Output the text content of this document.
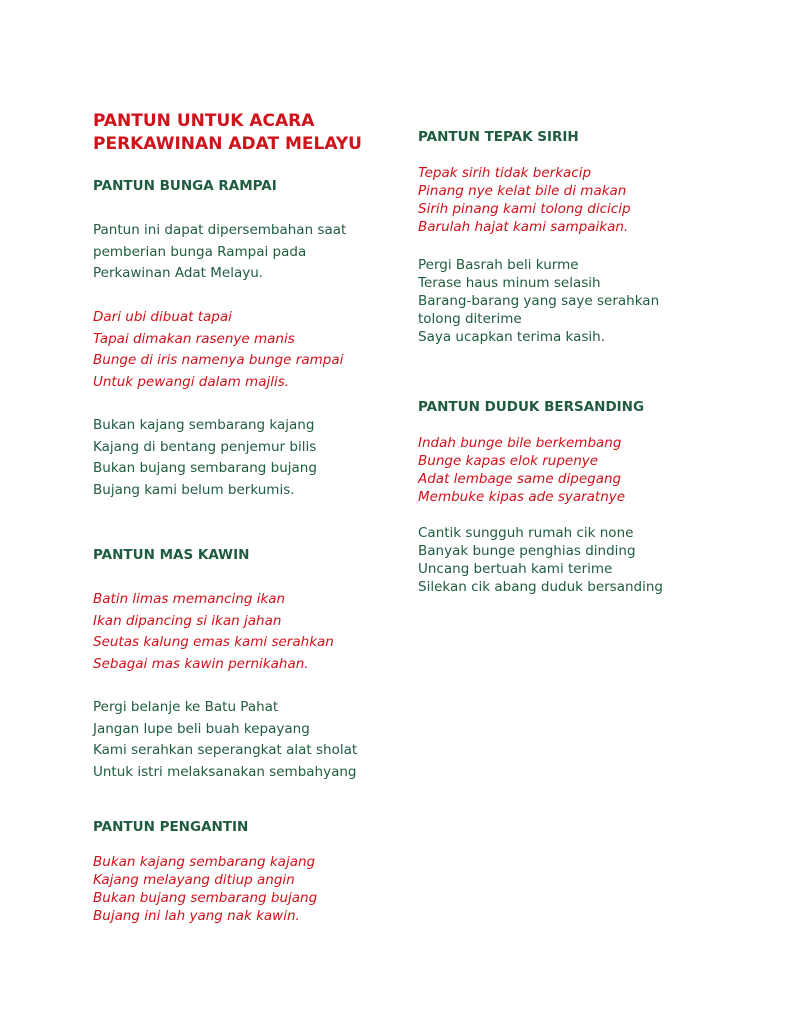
PANTUN UNTUK ACARA
PERKAWINAN ADAT MELAYU
PANTUN BUNGA RAMPAI
Pantun ini dapat dipersembahan saat
pemberian bunga Rampai pada
Perkawinan Adat Melayu.
Dari ubi dibuat tapai
Tapai dimakan rasenye manis
Bunge di iris namenya bunge rampai
Untuk pewangi dalam majlis.
Bukan kajang sembarang kajang
Kajang di bentang penjemur bilis
Bukan bujang sembarang bujang
Bujang kami belum berkumis.
PANTUN MAS KAWIN
Batin limas memancing ikan
Ikan dipancing si ikan jahan
Seutas kalung emas kami serahkan
Sebagai mas kawin pernikahan.
Pergi belanje ke Batu Pahat
Jangan lupe beli buah kepayang
Kami serahkan seperangkat alat sholat
Untuk istri melaksanakan sembahyang
PANTUN PENGANTIN
Bukan kajang sembarang kajang
Kajang melayang ditiup angin
Bukan bujang sembarang bujang
Bujang ini lah yang nak kawin.
PANTUN TEPAK SIRIH
Tepak sirih tidak berkacip
Pinang nye kelat bile di makan
Sirih pinang kami tolong dicicip
Barulah hajat kami sampaikan.
Pergi Basrah beli kurme
Terase haus minum selasih
Barang-barang yang saye serahkan
tolong diterime
Saya ucapkan terima kasih.
PANTUN DUDUK BERSANDING
Indah bunge bile berkembang
Bunge kapas elok rupenye
Adat lembage same dipegang
Membuke kipas ade syaratnye
Cantik sungguh rumah cik none
Banyak bunge penghias dinding
Uncang bertuah kami terime
Silekan cik abang duduk bersanding
